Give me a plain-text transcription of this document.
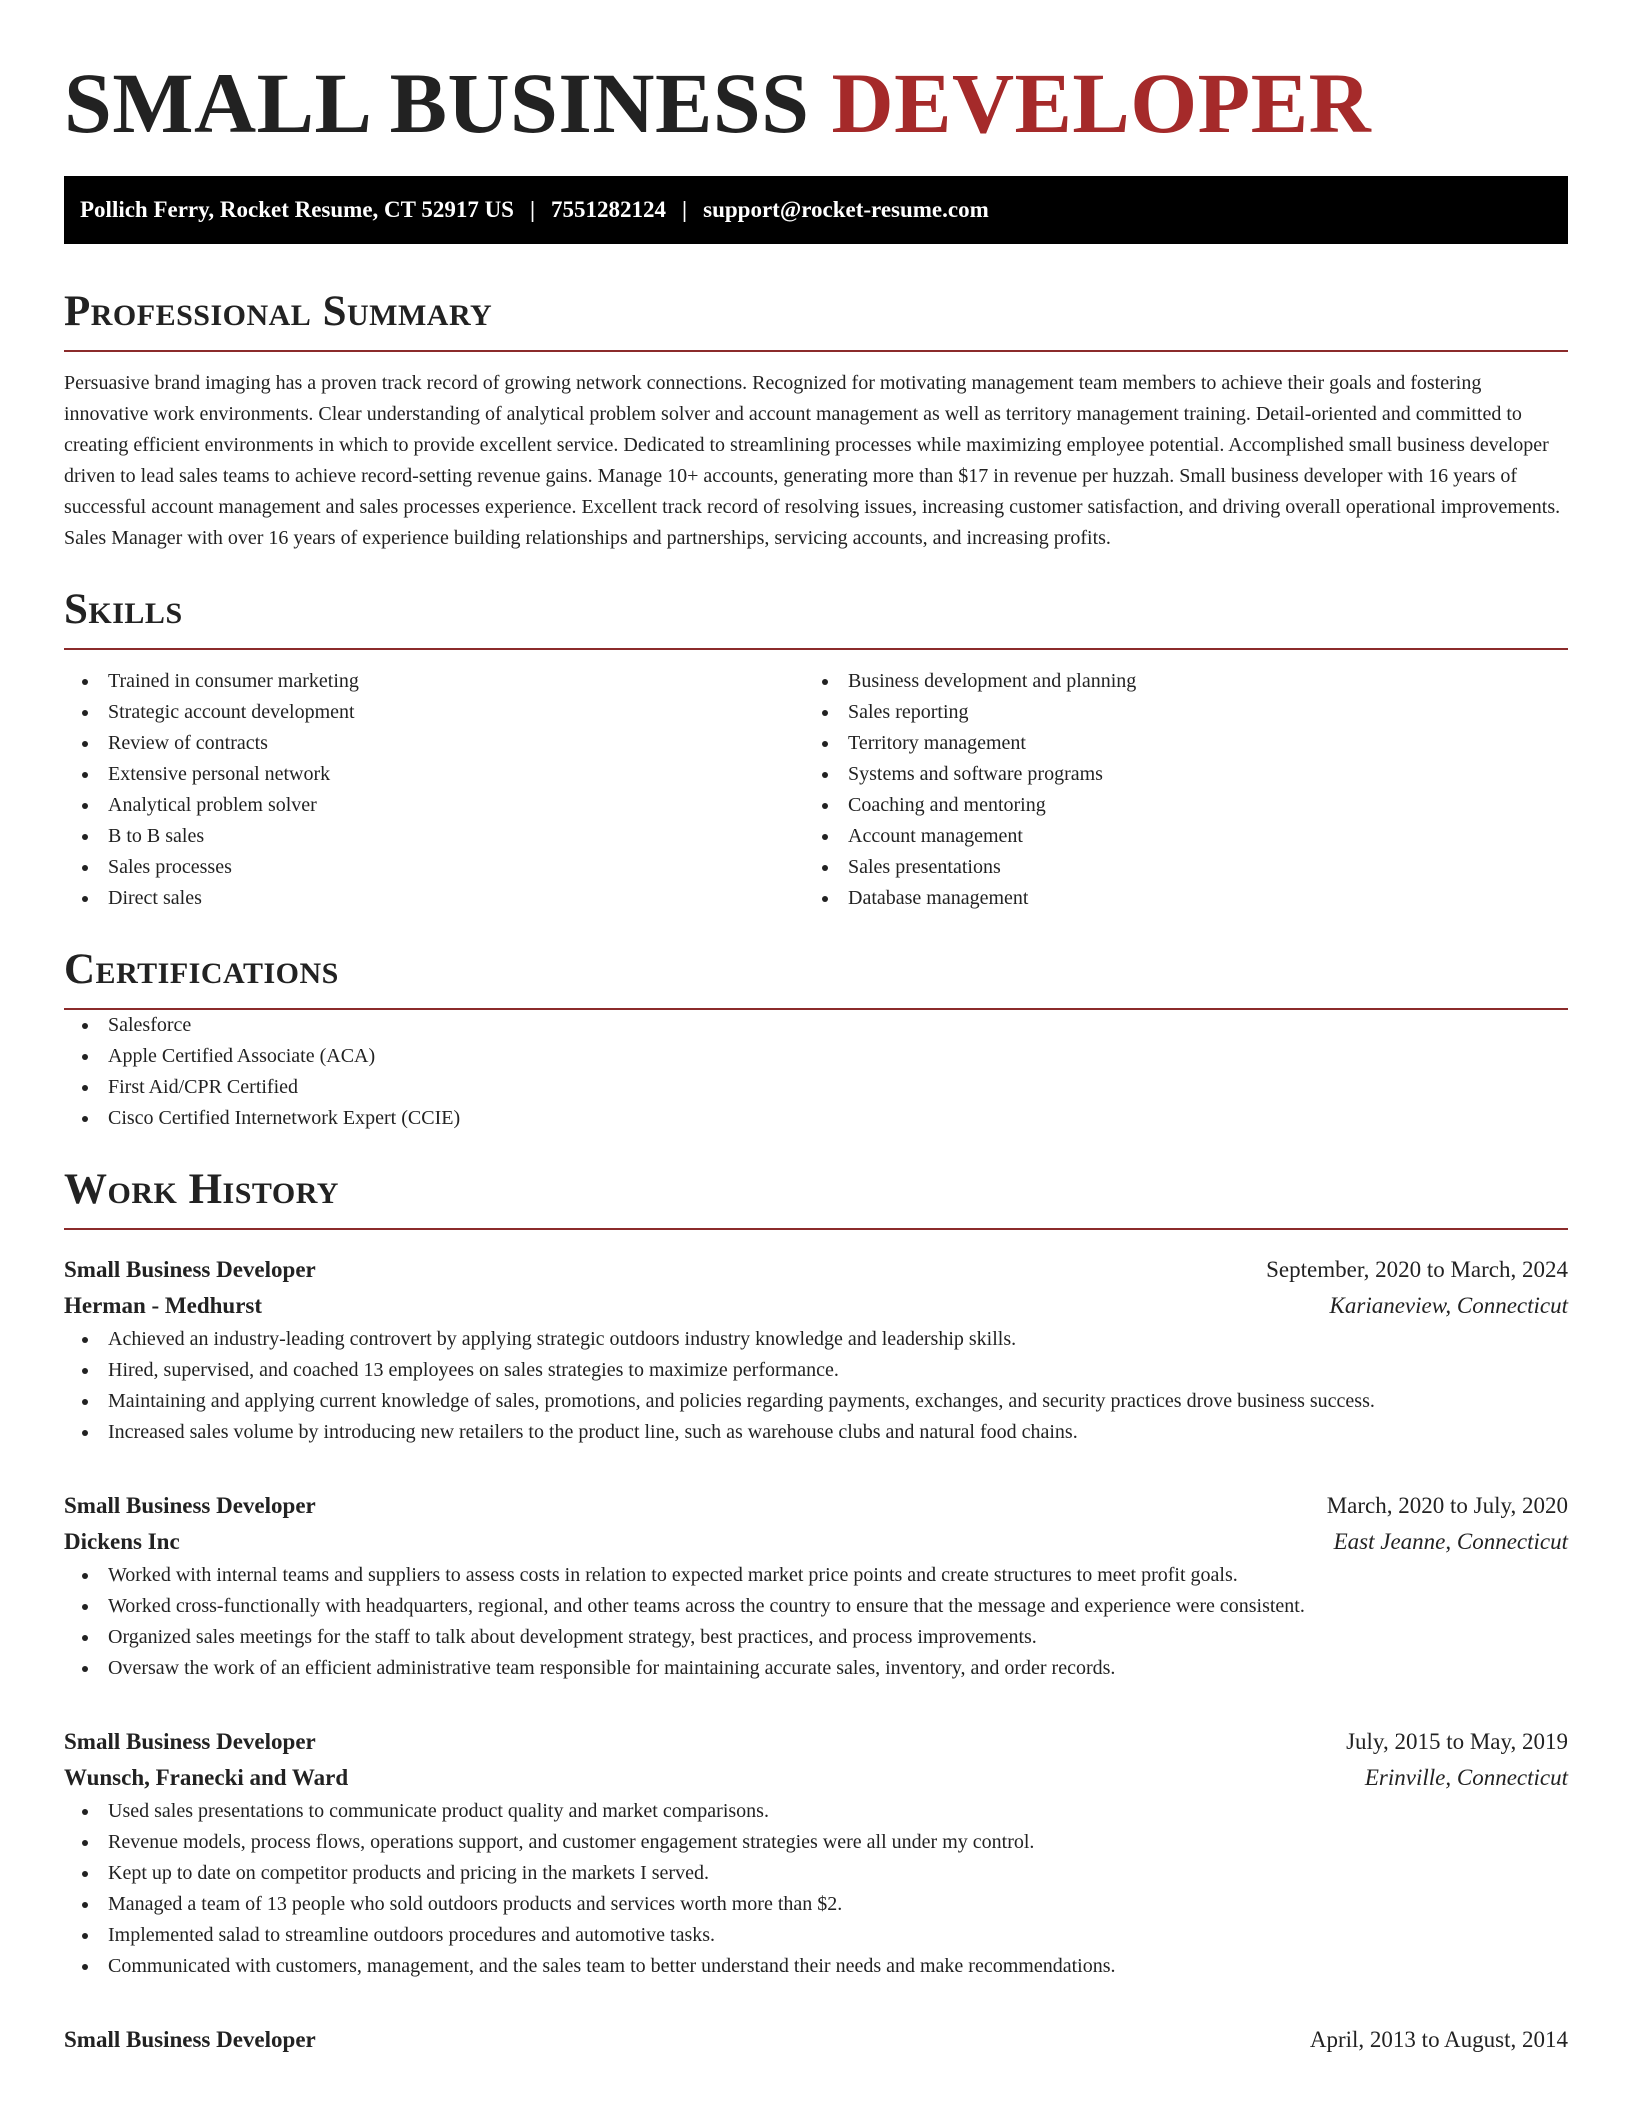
SMALL BUSINESS DEVELOPER
Pollich Ferry, Rocket Resume, CT 52917 US | 7551282124 | support@rocket-resume.com
Professional Summary

Persuasive brand imaging has a proven track record of growing network connections. Recognized for motivating management team members to achieve their goals and fostering innovative work environments. Clear understanding of analytical problem solver and account management as well as territory management training. Detail-oriented and committed to creating efficient environments in which to provide excellent service. Dedicated to streamlining processes while maximizing employee potential. Accomplished small business developer driven to lead sales teams to achieve record-setting revenue gains. Manage 10+ accounts, generating more than $17 in revenue per huzzah. Small business developer with 16 years of successful account management and sales processes experience. Excellent track record of resolving issues, increasing customer satisfaction, and driving overall operational improvements. Sales Manager with over 16 years of experience building relationships and partnerships, servicing accounts, and increasing profits.

Skills
Trained in consumer marketing
Strategic account development
Review of contracts
Extensive personal network
Analytical problem solver
B to B sales
Sales processes
Direct sales
Business development and planning
Sales reporting
Territory management
Systems and software programs
Coaching and mentoring
Account management
Sales presentations
Database management
Certifications
Salesforce
Apple Certified Associate (ACA)
First Aid/CPR Certified
Cisco Certified Internetwork Expert (CCIE)
Work History
Small Business Developer	September, 2020 to March, 2024
Herman - Medhurst	Karianeview, Connecticut
Achieved an industry-leading controvert by applying strategic outdoors industry knowledge and leadership skills.
Hired, supervised, and coached 13 employees on sales strategies to maximize performance.
Maintaining and applying current knowledge of sales, promotions, and policies regarding payments, exchanges, and security practices drove business success.
Increased sales volume by introducing new retailers to the product line, such as warehouse clubs and natural food chains.
Small Business Developer	March, 2020 to July, 2020
Dickens Inc	East Jeanne, Connecticut
Worked with internal teams and suppliers to assess costs in relation to expected market price points and create structures to meet profit goals.
Worked cross-functionally with headquarters, regional, and other teams across the country to ensure that the message and experience were consistent.
Organized sales meetings for the staff to talk about development strategy, best practices, and process improvements.
Oversaw the work of an efficient administrative team responsible for maintaining accurate sales, inventory, and order records.
Small Business Developer	July, 2015 to May, 2019
Wunsch, Franecki and Ward	Erinville, Connecticut
Used sales presentations to communicate product quality and market comparisons.
Revenue models, process flows, operations support, and customer engagement strategies were all under my control.
Kept up to date on competitor products and pricing in the markets I served.
Managed a team of 13 people who sold outdoors products and services worth more than $2.
Implemented salad to streamline outdoors procedures and automotive tasks.
Communicated with customers, management, and the sales team to better understand their needs and make recommendations.
Small Business Developer	April, 2013 to August, 2014
